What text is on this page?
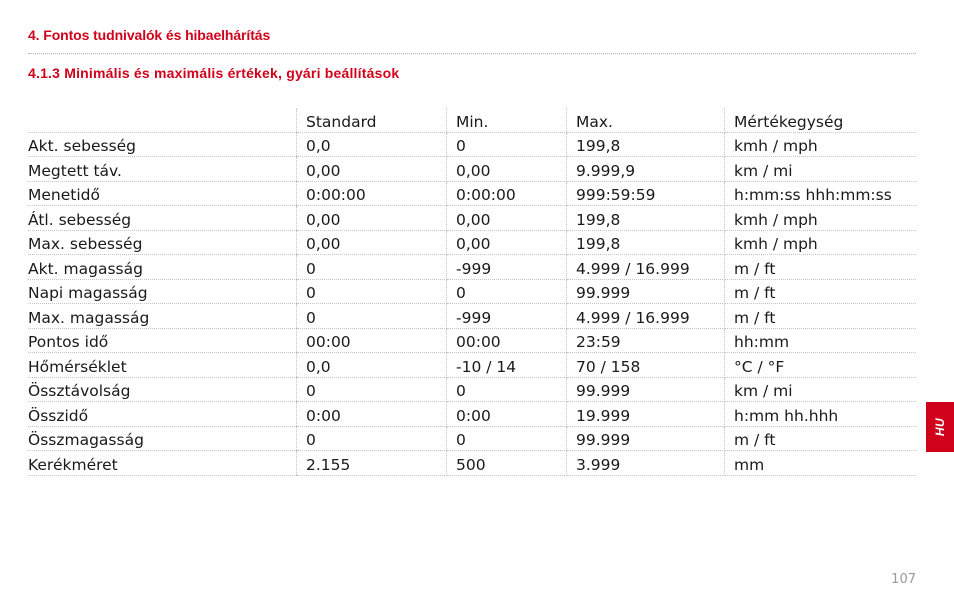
4. Fontos tudnivalók és hibaelhárítás
4.1.3 Minimális és maximális értékek, gyári beállítások
	Standard	Min.	Max.	Mértékegység
Akt. sebesség	0,0	0	199,8	kmh / mph
Megtett táv.	0,00	0,00	9.999,9	km / mi
Menetidő	0:00:00	0:00:00	999:59:59	h:mm:ss hhh:mm:ss
Átl. sebesség	0,00	0,00	199,8	kmh / mph
Max. sebesség	0,00	0,00	199,8	kmh / mph
Akt. magasság	0	-999	4.999 / 16.999	m / ft
Napi magasság	0	0	99.999	m / ft
Max. magasság	0	-999	4.999 / 16.999	m / ft
Pontos idő	00:00	00:00	23:59	hh:mm
Hőmérséklet	0,0	-10 / 14	70 / 158	°C / °F
Össztávolság	0	0	99.999	km / mi
Összidő	0:00	0:00	19.999	h:mm hh.hhh
Összmagasság	0	0	99.999	m / ft
Kerékméret	2.155	500	3.999	mm
HU
107
